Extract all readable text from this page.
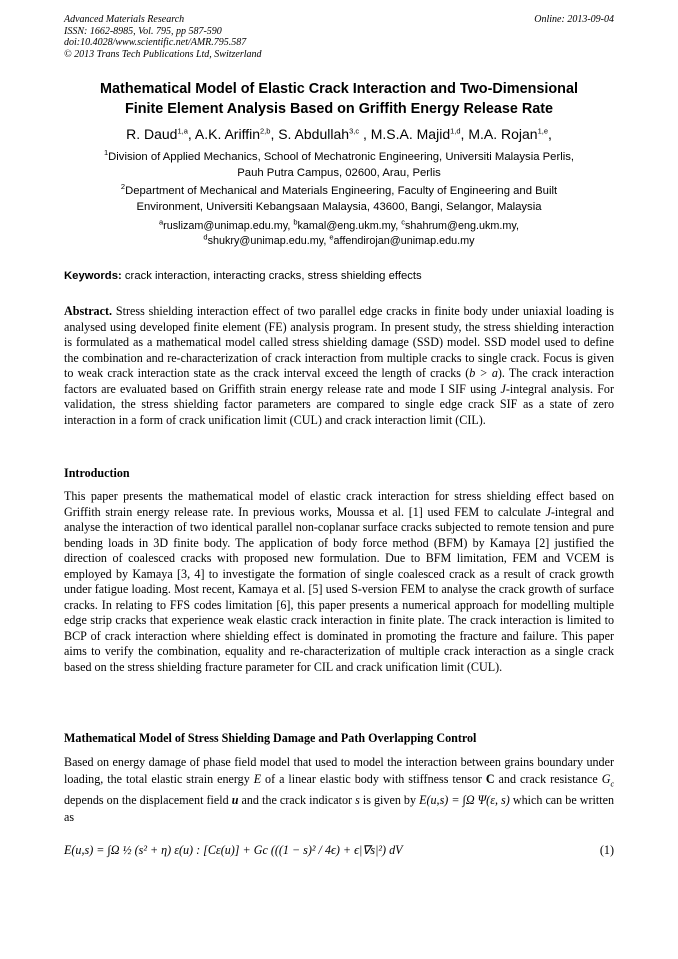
Advanced Materials Research
ISSN: 1662-8985, Vol. 795, pp 587-590
doi:10.4028/www.scientific.net/AMR.795.587
© 2013 Trans Tech Publications Ltd, Switzerland
Online: 2013-09-04
Mathematical Model of Elastic Crack Interaction and Two-Dimensional
Finite Element Analysis Based on Griffith Energy Release Rate
R. Daud$^{1,a}$, A.K. Ariffin$^{2,b}$, S. Abdullah$^{3,c}$ , M.S.A. Majid$^{1,d}$, M.A. Rojan$^{1,e}$,
$^1$Division of Applied Mechanics, School of Mechatronic Engineering, Universiti Malaysia Perlis,
Pauh Putra Campus, 02600, Arau, Perlis
$^2$Department of Mechanical and Materials Engineering, Faculty of Engineering and Built
Environment, Universiti Kebangsaan Malaysia, 43600, Bangi, Selangor, Malaysia
$^a$ruslizam@unimap.edu.my, $^b$kamal@eng.ukm.my, $^c$shahrum@eng.ukm.my,
$^d$shukry@unimap.edu.my, $^e$affendirojan@unimap.edu.my
Keywords: crack interaction, interacting cracks, stress shielding effects
Abstract. Stress shielding interaction effect of two parallel edge cracks in finite body under uniaxial loading is analysed using developed finite element (FE) analysis program. In present study, the stress shielding interaction is formulated as a mathematical model called stress shielding damage (SSD) model. SSD model used to define the combination and re-characterization of crack interaction from multiple cracks to single crack. Focus is given to weak crack interaction state as the crack interval exceed the length of cracks (b > a). The crack interaction factors are evaluated based on Griffith strain energy release rate and mode I SIF using J-integral analysis. For validation, the stress shielding factor parameters are compared to single edge crack SIF as a state of zero interaction in a form of crack unification limit (CUL) and crack interaction limit (CIL).
Introduction
This paper presents the mathematical model of elastic crack interaction for stress shielding effect based on Griffith strain energy release rate. In previous works, Moussa et al. [1] used FEM to calculate J-integral and analyse the interaction of two identical parallel non-coplanar surface cracks subjected to remote tension and pure bending loads in 3D finite body. The application of body force method (BFM) by Kamaya [2] justified the direction of coalesced cracks with proposed new formulation. Due to BFM limitation, FEM and VCEM is employed by Kamaya [3, 4] to investigate the formation of single coalesced crack as a result of crack growth under fatigue loading. Most recent, Kamaya et al. [5] used S-version FEM to analyse the crack growth of surface cracks. In relating to FFS codes limitation [6], this paper presents a numerical approach for modelling multiple edge strip cracks that experience weak elastic crack interaction in finite plate. The crack interaction is limited to BCP of crack interaction where shielding effect is dominated in promoting the fracture and failure. This paper aims to verify the combination, equality and re-characterization of multiple crack interaction as a single crack based on the stress shielding fracture parameter for CIL and crack unification limit (CUL).
Mathematical Model of Stress Shielding Damage and Path Overlapping Control
Based on energy damage of phase field model that used to model the interaction between grains boundary under loading, the total elastic strain energy E of a linear elastic body with stiffness tensor C and crack resistance $G_c$ depends on the displacement field u and the crack indicator s is given by E(u,s) = ∫Ω Ψ(ε, s) which can be written as
E(u,s) = ∫Ω ½ (s² + η) ε(u) : [Cε(u)] + Gc (((1 − s)² / 4ϵ) + ϵ|∇s|²) dV	(1)
